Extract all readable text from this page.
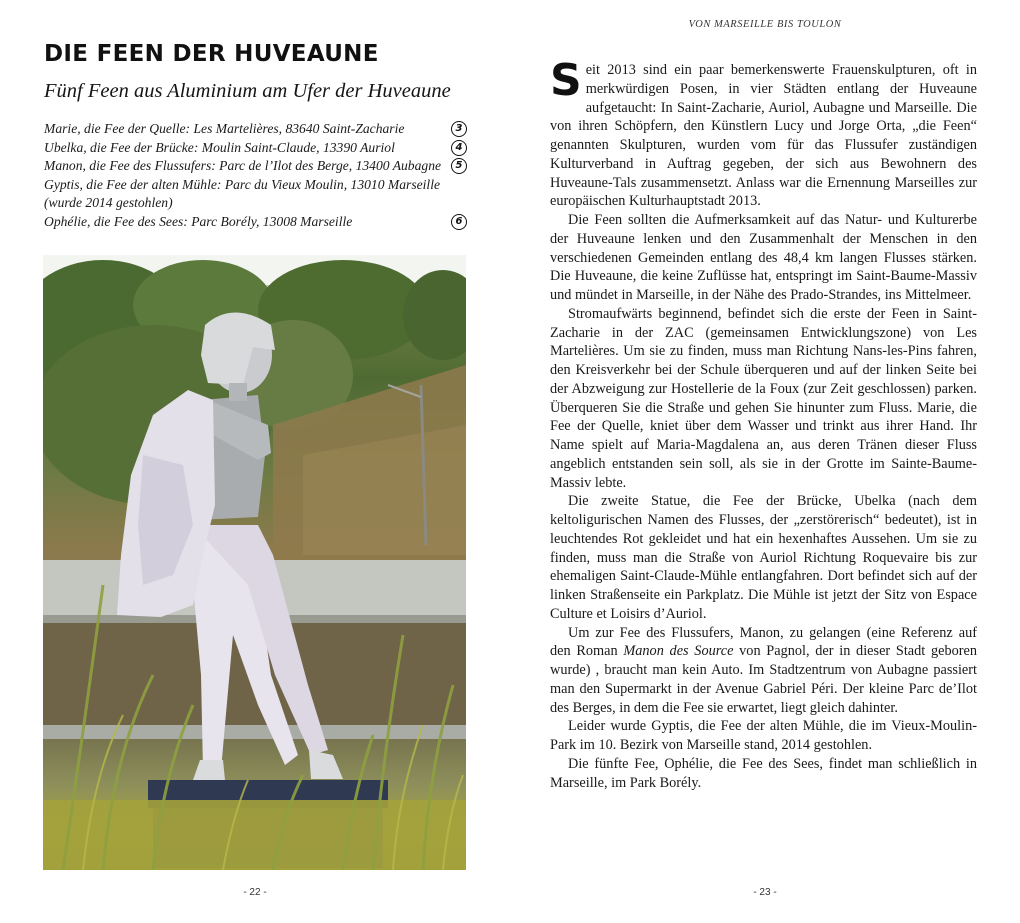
DIE FEEN DER HUVEAUNE
Fünf Feen aus Aluminium am Ufer der Huveaune
Marie, die Fee der Quelle: Les Martelières, 83640 Saint-Zacharie	3
Ubelka, die Fee der Brücke: Moulin Saint-Claude, 13390 Auriol	4
Manon, die Fee des Flussufers: Parc de l’Ilot des Berge, 13400 Aubagne	5
Gyptis, die Fee der alten Mühle: Parc du Vieux Moulin, 13010 Marseille
(wurde 2014 gestohlen)
Ophélie, die Fee des Sees: Parc Borély, 13008 Marseille	6
- 22 -
VON MARSEILLE BIS TOULON

Seit 2013 sind ein paar bemerkenswerte Frauenskulpturen, oft in merkwürdigen Posen, in vier Städten entlang der Huveaune aufgetaucht: In Saint-Zacharie, Auriol, Aubagne und Marseille. Die von ihren Schöpfern, den Künstlern Lucy und Jorge Orta, „die Feen“ genannten Skulpturen, wurden vom für das Flussufer zuständigen Kulturverband in Auftrag gegeben, der sich aus Bewohnern des Huveaune-Tals zusammensetzt. Anlass war die Ernennung Marseilles zur europäischen Kulturhauptstadt 2013.

Die Feen sollten die Aufmerksamkeit auf das Natur- und Kulturerbe der Huveaune lenken und den Zusammenhalt der Menschen in den verschiedenen Gemeinden entlang des 48,4 km langen Flusses stärken. Die Huveaune, die keine Zuflüsse hat, entspringt im Saint-Baume-Massiv und mündet in Marseille, in der Nähe des Prado-Strandes, ins Mittelmeer.

Stromaufwärts beginnend, befindet sich die erste der Feen in Saint-Zacharie in der ZAC (gemeinsamen Entwicklungszone) von Les Martelières. Um sie zu finden, muss man Richtung Nans-les-Pins fahren, den Kreisverkehr bei der Schule überqueren und auf der linken Seite bei der Abzweigung zur Hostellerie de la Foux (zur Zeit geschlossen) parken. Überqueren Sie die Straße und gehen Sie hinunter zum Fluss. Marie, die Fee der Quelle, kniet über dem Wasser und trinkt aus ihrer Hand. Ihr Name spielt auf Maria-Magdalena an, aus deren Tränen dieser Fluss angeblich entstanden sein soll, als sie in der Grotte im Sainte-Baume-Massiv lebte.

Die zweite Statue, die Fee der Brücke, Ubelka (nach dem keltoligurischen Namen des Flusses, der „zerstörerisch“ bedeutet), ist in leuchtendes Rot gekleidet und hat ein hexenhaftes Aussehen. Um sie zu finden, muss man die Straße von Auriol Richtung Roquevaire bis zur ehemaligen Saint-Claude-Mühle entlangfahren. Dort befindet sich auf der linken Straßenseite ein Parkplatz. Die Mühle ist jetzt der Sitz von Espace Culture et Loisirs d’Auriol.

Um zur Fee des Flussufers, Manon, zu gelangen (eine Referenz auf den Roman Manon des Source von Pagnol, der in dieser Stadt geboren wurde) , braucht man kein Auto. Im Stadtzentrum von Aubagne passiert man den Supermarkt in der Avenue Gabriel Péri. Der kleine Parc de’Ilot des Berges, in dem die Fee sie erwartet, liegt gleich dahinter.

Leider wurde Gyptis, die Fee der alten Mühle, die im Vieux-Moulin-Park im 10. Bezirk von Marseille stand, 2014 gestohlen.

Die fünfte Fee, Ophélie, die Fee des Sees, findet man schließlich in Marseille, im Park Borély.

- 23 -
